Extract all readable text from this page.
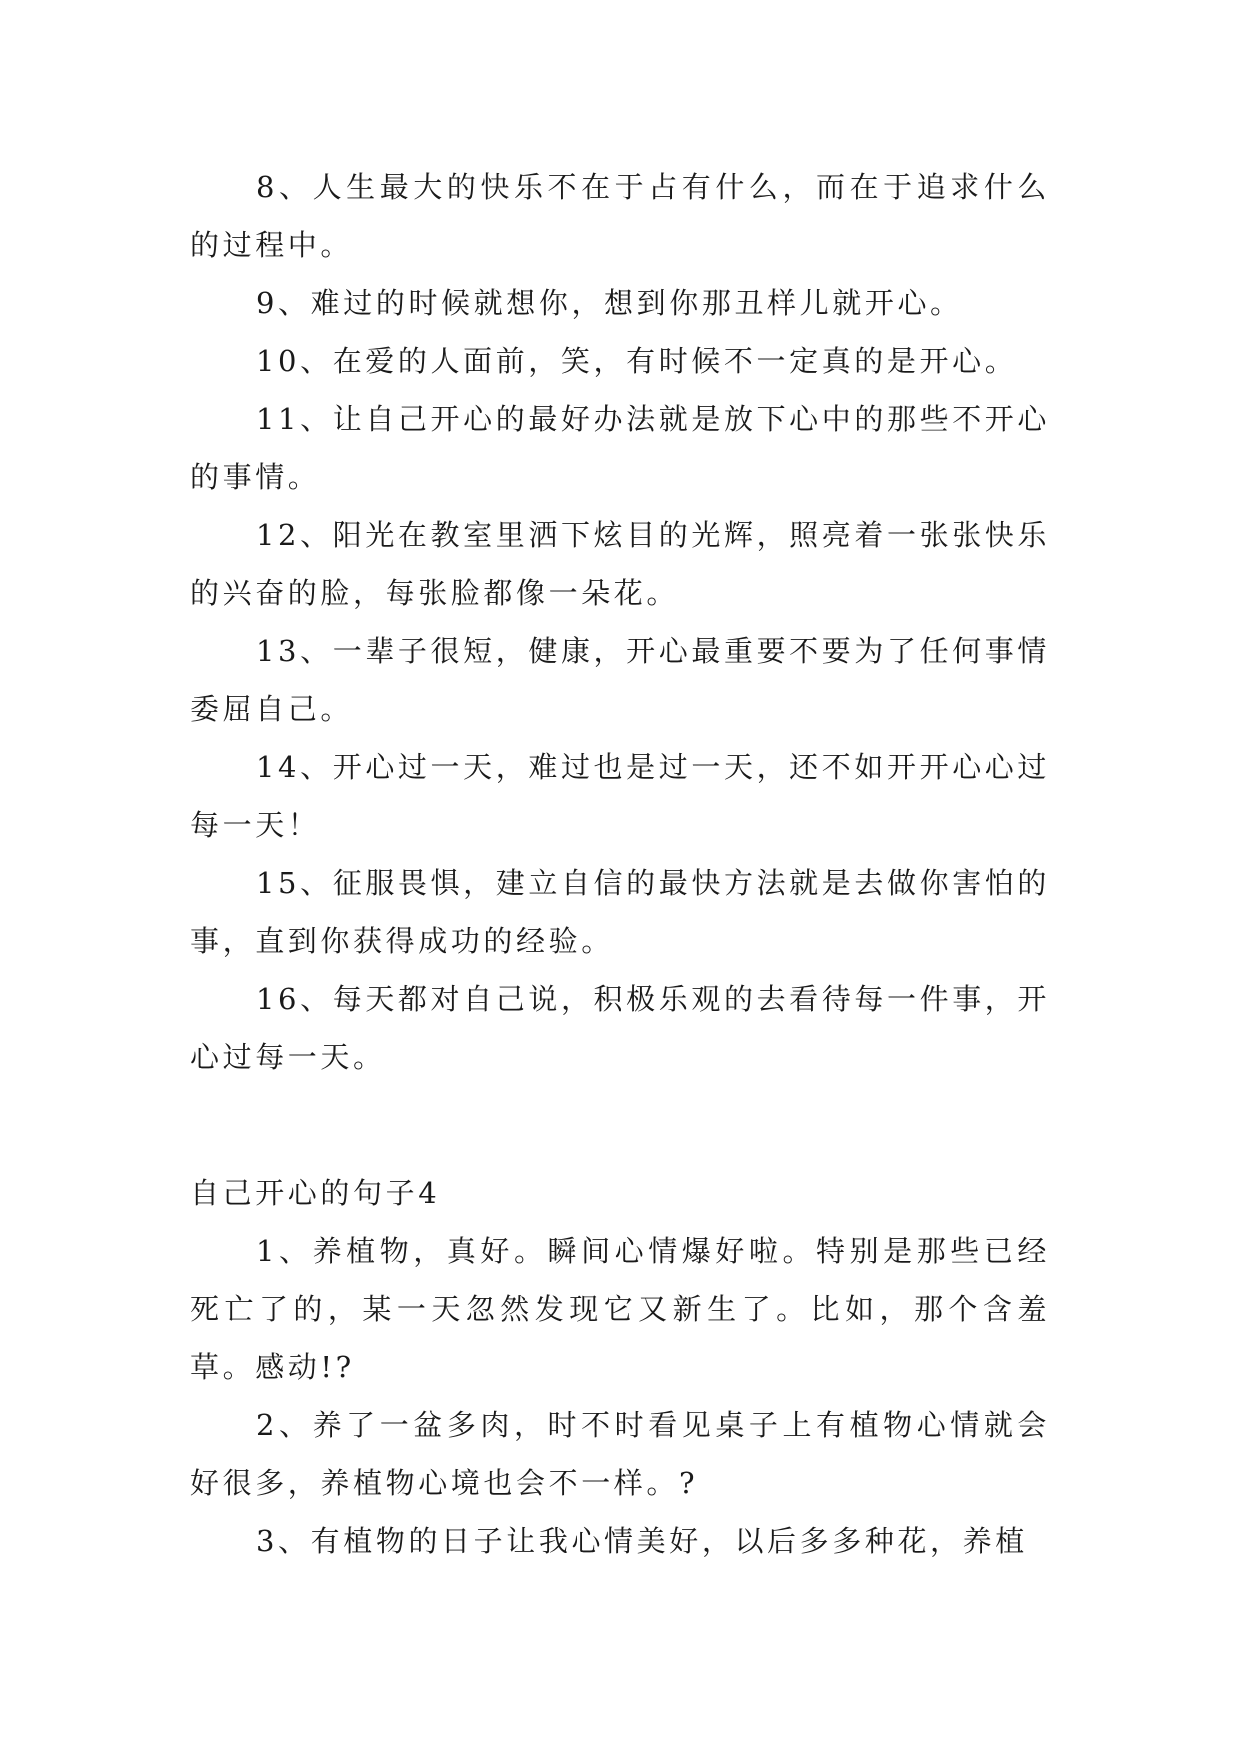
8、人生最大的快乐不在于占有什么，而在于追求什么的过程中。

9、难过的时候就想你，想到你那丑样儿就开心。

10、在爱的人面前，笑，有时候不一定真的是开心。

11、让自己开心的最好办法就是放下心中的那些不开心的事情。

12、阳光在教室里洒下炫目的光辉，照亮着一张张快乐的兴奋的脸，每张脸都像一朵花。

13、一辈子很短，健康，开心最重要不要为了任何事情委屈自己。

14、开心过一天，难过也是过一天，还不如开开心心过每一天！

15、征服畏惧，建立自信的最快方法就是去做你害怕的事，直到你获得成功的经验。

16、每天都对自己说，积极乐观的去看待每一件事，开心过每一天。

自己开心的句子4

1、养植物，真好。瞬间心情爆好啦。特别是那些已经死亡了的，某一天忽然发现它又新生了。比如，那个含羞草。感动!?

2、养了一盆多肉，时不时看见桌子上有植物心情就会好很多，养植物心境也会不一样。?

3、有植物的日子让我心情美好，以后多多种花，养植
